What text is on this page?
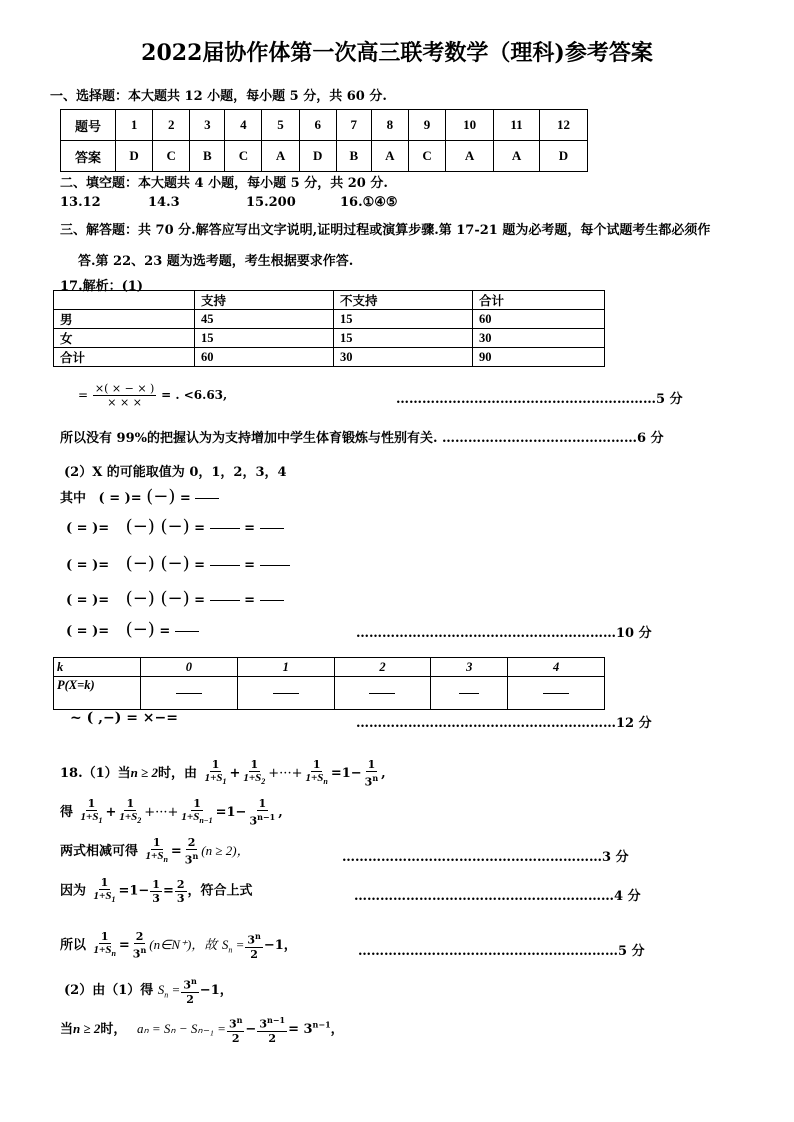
2022届协作体第一次高三联考数学（理科)参考答案
一、选择题：本大题共 12 小题，每小题 5 分，共 60 分.
题号	1	2	3	4	5	6	7	8	9	10	11	12
答案	D	C	B	C	A	D	B	A	C	A	A	D
二、填空题：本大题共 4 小题，每小题 5 分，共 20 分.
13.12	14.3	15.200	16.①④⑤
三、解答题：共 70 分.解答应写出文字说明,证明过程或演算步骤.第 17-21 题为必考题，每个试题考生都必须作
答.第 22、23 题为选考题，考生根据要求作答.
17.解析：(1)
	支持	不支持	合计
男	45	15	60
女	15	15	30
合计	60	30	90
= $\frac{\times( \times - \times )}{\times \times \times}$ = . <6.63,	……………………………………………………5 分
所以没有 99%的把握认为为支持增加中学生体育锻炼与性别有关. ………………………………………6 分
(2）X 的可能取值为 0，1，2，3，4
其中 ( = )= (−) =
( = )= (−) (−) =  =
( = )= (−) (−) =  =
( = )= (−) (−) =  =
( = )= (−) =	……………………………………………………10 分
k	0	1	2	3	4
P(X=k)					
~ ( ,−) = ×−=	……………………………………………………12 分
18.（1）当n ≥ 2时，由 $\frac{1}{1+S_1} + \frac{1}{1+S_2}$ +···+ $\frac{1}{1+S_n} =1- \frac{1}{3^n}$ ,
得 $\frac{1}{1+S_1} + \frac{1}{1+S_2}$ +···+ $\frac{1}{1+S_{n-1}} =1- \frac{1}{3^{n-1}}$ ,
两式相减可得 $\frac{1}{1+S_n} = \frac{2}{3^n} (n \ge 2)$，	……………………………………………………3 分
因为 $\frac{1}{1+S_1} =1- \frac{1}{3} = \frac{2}{3}$ ，符合上式	……………………………………………………4 分
所以 $\frac{1}{1+S_n} = \frac{2}{3^n}$ (n∈N⁺)，故 $S_n = \frac{3^n}{2} -1$，	……………………………………………………5 分
(2）由（1）得 $S_n = \frac{3^n}{2} -1$，
当n ≥ 2时， $a_n = S_n - S_{n-1} = \frac{3^n}{2} - \frac{3^{n-1}}{2} = 3^{n-1}$，
